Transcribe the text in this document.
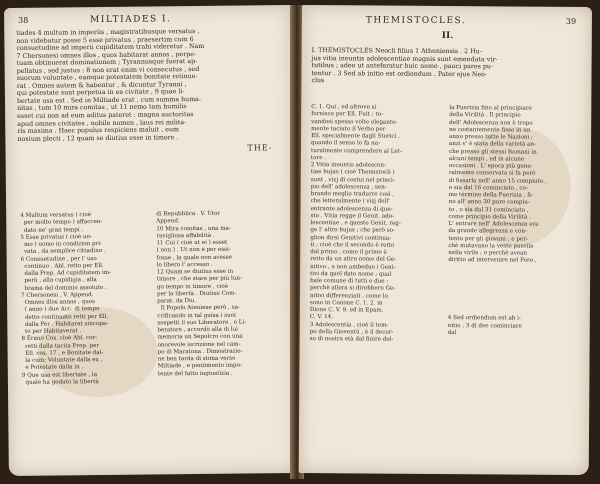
38	MILTIADES I.
tiades 4 multum in imperiis , magistratibusque versatus ,
non videbatur posse 5 esse privatus , praesertim cum 6
consuetudine ad imperii cupiditatem trahi videretur . Nam
7 Chersonesi omnes illos , quos habitarat annos , perpe-
tuam obtinuerat dominationem ; Tyrannusque fuerat ap-
pellatus , sed justus : 8 non erat enim vi consecutus , sed
suorum voluntate , eamque potestatem bonitate retinue-
rat . Omnes autem & habentur , & dicuntur Tyranni ,
qui potestate sunt perpetua in ea civitate , 9 quae li-
bertate usa est . Sed in Miltiade erat , cum summa huma-
nitas , tum 10 mira comitas , ut 11 nemo tam humilis
esset cui non ad eum aditus pateret : magna auctoritas
apud omnes civitates , nobile nomen , laus rei milita-
ris maxima . Haec populus respiciens maluit , eum
noxium plecti , 12 quam se diutius esse in timore .
THE-
4 Multum versatus ( cioè
per molto tempo ) affaccen-
dato ne' gran tempi .
5 Esse privatus ( cioè uo-
mo ) uomo in condizion pri-
vata , da semplice cittadino .
6 Consuetudine , per l' uso
continuo . Abl. retto per Ell.
dalla Prep. Ad cupiditatem im-
perii , alla cupidigia , alla
brama del dominio assoluto .
7 Chersonesi . V. Append.
Omnes illos annos , quos
( anno ) due Acc. di tempo
detto continuato retti per Ell.
dalla Per . Habitarat sincopa-
to per Habitaverat .
8 Erano Cos. cioè Abl. cor-
retti dalla tacita Prep. per
Ell. cos. 17 , e Bonitate dal-
la cum: Voluntate dalla ex ,
e Potestate dalla in .
9 Que usa est libertate , la
quale ha goduto la libertà
di Repubblica . V. Utor
Append.
10 Mira comitas , una ma-
ravigliosa affabilità .
11 Cui ( cioè ut ei ) esset
( non ) . Ut non è per essi-
fosse , la quale non avesse
lo libero l' accesso .
12 Quam se diutius esse in
timore , che stare per più lun-
go tempo in timore , cioè
per la libertà . Diutius Com-
parat. da Diu .
Il Popolo Ateniese però , sa-
crificando in tal guisa i suoi
sospetti il suo Liberatore , e Li-
beratore , accordò alla di lui
memoria un Sepolcro con una
onorevole iscrizione nel cam-
po di Maratona . Dimostrazio-
ne ben tarda di stima verso
Miltiade , e pentimento impo-
tente del fatto ingiustizia .
THEMISTOCLES.	39
II.
I. THEMISTOCLES Neocli filius 1 Atheniensis . 2 Hu-
jus vitia ineuntis adolescentiae magnis sunt emendata vir-
tutibus ; adeo ut anteferatur huic nemo , pauci pares pu-
tentur . 3 Sed ab initio est ordiendum . Pater ejus Neo-
clus
C. 1. Qui , ed altrove si
fornisce per Ell. Fuit : to-
vandosi spesso volte elegante-
mente taciuto il Verbo per
Ell. specialmente dagli Storici ,
quando il senso lo fa na-
turalmente comprendere al Let-
tore .
2 Vitia ineuntis adolescen-
tiae hujus ( cioè Themistocli )
sunt , vizj di costui nel princi-
pio dell' adolescenza , sen-
brando meglio tradurre così ,
che letteralmente i vizj dell'
entrante adolescenza di que-
sto . Vitia regge il Genit. ado-
lescentiae , e questo Genit. reg-
ge l' altro hujus ; che però so-
glion dirsi Genitivi continua-
ti ; cioè che il secondo è retto
dal primo , come il primo è
retto da un altro nome del Ge-
nitivo , e non ambedue i Geni-
tivi da quel dato nome ; qual
bale comune di tutti e due :
perchè allora si direbbero Ge-
nitivi differenziati , come lo
sono in Conone C. 1. 2. in
Dione C. V. 9. ed in Epam.
C. V. 14.
3 Adolescentia , cioè il tem-
po della Gioventù , è il decor-
so di nostra età dal finire del-
la Puerizia fino al principiare
della Virilità . Il principio
dell' Adolescenza non è tropo
ne costantemente fisso in un
anno presso tutte le Nazioni ;
anzi v' è stata della varietà an-
che presso gli stessi Romani in
alcuni tempi , ed in alcune
occasioni . L' epoca più gene-
ralmente conservata si fa però
di fissarla nell' anno 15 compiuto ,
o sia dal 16 cominciato , co-
me termine della Puerizia , fi-
no all' anno 30 pure compiu-
to , o sia dal 31 cominciato ,
come principio della Virilità .
L' entrare nell' Adolescenza era
da grande allegrezza e con-
tento per gli giovani ; e per-
chè mutavano la veste puerile
nella virile ; e perchè avean
diritto ad intervenire nel Foro ,

4 Sed ordiendum est ab i-
nitio , 3 di dee cominciare
dal
